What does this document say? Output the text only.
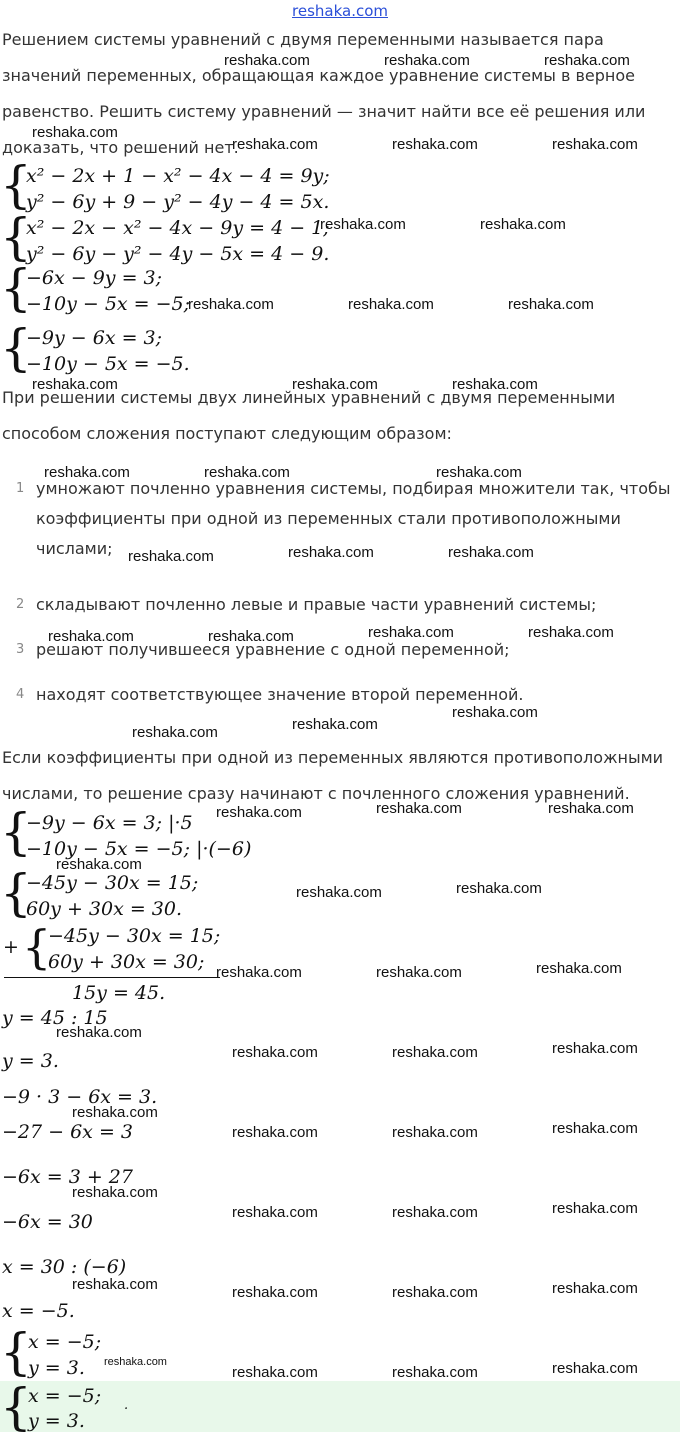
reshaka.com

Решением системы уравнений с двумя переменными называется пара значений переменных, обращающая каждое уравнение системы в верное равенство. Решить систему уравнений — значит найти все её решения или доказать, что решений нет.

{
x² − 2x + 1 − x² − 4x − 4 = 9y;
y² − 6y + 9 − y² − 4y − 4 = 5x.
{
x² − 2x − x² − 4x − 9y = 4 − 1;
y² − 6y − y² − 4y − 5x = 4 − 9.
{
−6x − 9y = 3;
−10y − 5x = −5;
{
−9y − 6x = 3;
−10y − 5x = −5.

При решении системы двух линейных уравнений с двумя переменными способом сложения поступают следующим образом:

1 умножают почленно уравнения системы, подбирая множители так, чтобы коэффициенты при одной из переменных стали противоположными числами;

2 складывают почленно левые и правые части уравнений системы;

3 решают получившееся уравнение с одной переменной;

4 находят соответствующее значение второй переменной.

Если коэффициенты при одной из переменных являются противоположными числами, то решение сразу начинают с почленного сложения уравнений.

{
−9y − 6x = 3; |·5
−10y − 5x = −5; |·(−6)
{
−45y − 30x = 15;
60y + 30x = 30.
+ {
−45y − 30x = 15;
60y + 30x = 30;
15y = 45.
y = 45 : 15
y = 3.
−9 · 3 − 6x = 3.
−27 − 6x = 3
−6x = 3 + 27
−6x = 30
x = 30 : (−6)
x = −5.
{
x = −5;
y = 3.
{
x = −5;
y = 3.
.
reshaka.com	reshaka.com	reshaka.com
reshaka.com
reshaka.com	reshaka.com	reshaka.com
reshaka.com	reshaka.com
reshaka.com	reshaka.com	reshaka.com
reshaka.com	reshaka.com	reshaka.com
reshaka.com	reshaka.com	reshaka.com
reshaka.com	reshaka.com	reshaka.com
reshaka.com	reshaka.com	reshaka.com	reshaka.com
reshaka.com	reshaka.com
reshaka.com
reshaka.com	reshaka.com	reshaka.com
reshaka.com
reshaka.com	reshaka.com
reshaka.com	reshaka.com	reshaka.com
reshaka.com
reshaka.com	reshaka.com	reshaka.com
reshaka.com
reshaka.com	reshaka.com	reshaka.com
reshaka.com
reshaka.com	reshaka.com	reshaka.com
reshaka.com	reshaka.com	reshaka.com	reshaka.com
reshaka.com
reshaka.com	reshaka.com	reshaka.com
